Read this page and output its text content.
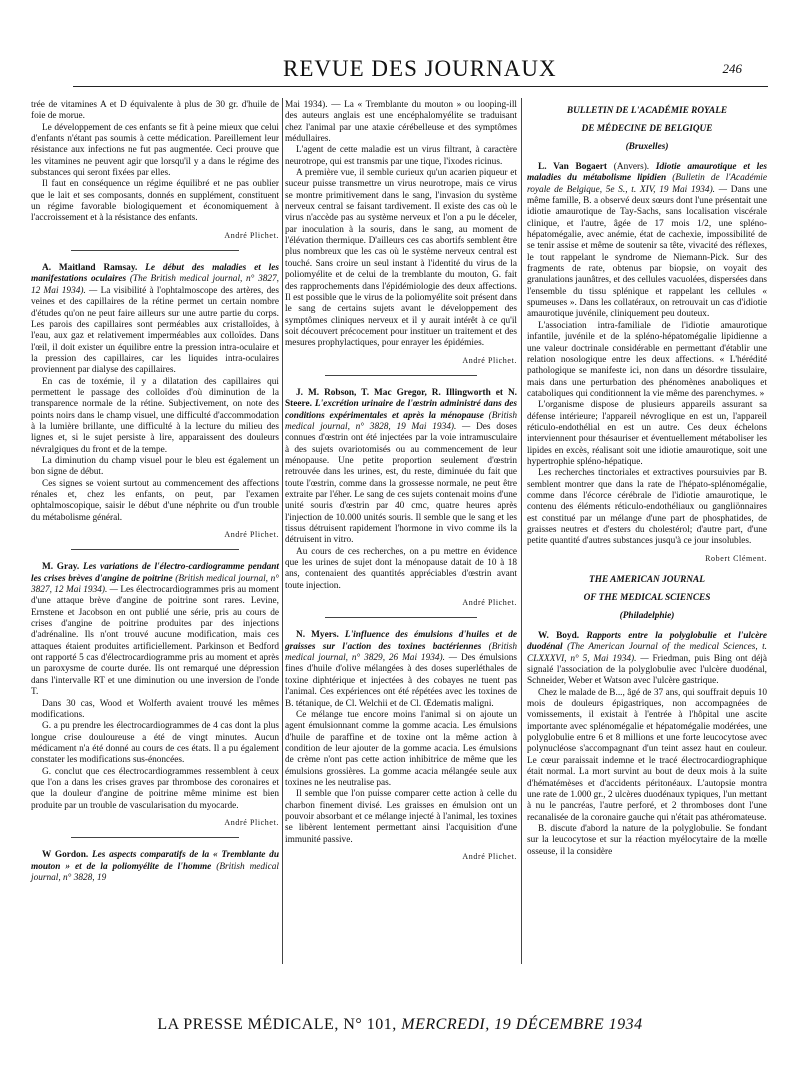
REVUE DES JOURNAUX	246

trée de vitamines A et D équivalente à plus de 30 gr. d'huile de foie de morue.

Le développement de ces enfants se fit à peine mieux que celui d'enfants n'étant pas soumis à cette médication. Pareillement leur résistance aux infections ne fut pas augmentée. Ceci prouve que les vitamines ne peuvent agir que lorsqu'il y a dans le régime des substances qui seront fixées par elles.

Il faut en conséquence un régime équilibré et ne pas oublier que le lait et ses composants, donnés en supplément, constituent un régime favorable biologiquement et économiquement à l'accroissement et à la résistance des enfants.

André Plichet.

A. Maitland Ramsay. Le début des maladies et les manifestations oculaires (The British medical journal, n° 3827, 12 Mai 1934). — La visibilité à l'ophtalmoscope des artères, des veines et des capillaires de la rétine permet un certain nombre d'études qu'on ne peut faire ailleurs sur une autre partie du corps. Les parois des capillaires sont perméables aux cristalloïdes, à l'eau, aux gaz et relativement imperméables aux colloïdes. Dans l'œil, il doit exister un équilibre entre la pression intra-oculaire et la pression des capillaires, car les liquides intra-oculaires proviennent par dialyse des capillaires.

En cas de toxémie, il y a dilatation des capillaires qui permettent le passage des colloïdes d'où diminution de la transparence normale de la rétine. Subjectivement, on note des points noirs dans le champ visuel, une difficulté d'accommodation à la lumière brillante, une difficulté à la lecture du milieu des lignes et, si le sujet persiste à lire, apparaissent des douleurs névralgiques du front et de la tempe.

La diminution du champ visuel pour le bleu est également un bon signe de début.

Ces signes se voient surtout au commencement des affections rénales et, chez les enfants, on peut, par l'examen ophtalmoscopique, saisir le début d'une néphrite ou d'un trouble du métabolisme général.

André Plichet.

M. Gray. Les variations de l'électro-cardiogramme pendant les crises brèves d'angine de poitrine (British medical journal, n° 3827, 12 Mai 1934). — Les électrocardiogrammes pris au moment d'une attaque brève d'angine de poitrine sont rares. Levine, Ernstene et Jacobson en ont publié une série, pris au cours de crises d'angine de poitrine produites par des injections d'adrénaline. Ils n'ont trouvé aucune modification, mais ces attaques étaient produites artificiellement. Parkinson et Bedford ont rapporté 5 cas d'électrocardiogramme pris au moment et après un paroxysme de courte durée. Ils ont remarqué une dépression dans l'intervalle RT et une diminution ou une inversion de l'onde T.

Dans 30 cas, Wood et Wolferth avaient trouvé les mêmes modifications.

G. a pu prendre les électrocardiogrammes de 4 cas dont la plus longue crise douloureuse a été de vingt minutes. Aucun médicament n'a été donné au cours de ces états. Il a pu également constater les modifications sus-énoncées.

G. conclut que ces électrocardiogrammes ressemblent à ceux que l'on a dans les crises graves par thrombose des coronaires et que la douleur d'angine de poitrine même minime est bien produite par un trouble de vascularisation du myocarde.

André Plichet.

W Gordon. Les aspects comparatifs de la « Tremblante du mouton » et de la poliomyélite de l'homme (British medical journal, n° 3828, 19

Mai 1934). — La « Tremblante du mouton » ou looping-ill des auteurs anglais est une encéphalomyélite se traduisant chez l'animal par une ataxie cérébelleuse et des symptômes médullaires.

L'agent de cette maladie est un virus filtrant, à caractère neurotrope, qui est transmis par une tique, l'ixodes ricinus.

A première vue, il semble curieux qu'un acarien piqueur et suceur puisse transmettre un virus neurotrope, mais ce virus se montre primitivement dans le sang, l'invasion du système nerveux central se faisant tardivement. Il existe des cas où le virus n'accède pas au système nerveux et l'on a pu le déceler, par inoculation à la souris, dans le sang, au moment de l'élévation thermique. D'ailleurs ces cas abortifs semblent être plus nombreux que les cas où le système nerveux central est touché. Sans croire un seul instant à l'identité du virus de la poliomyélite et de celui de la tremblante du mouton, G. fait des rapprochements dans l'épidémiologie des deux affections. Il est possible que le virus de la poliomyélite soit présent dans le sang de certains sujets avant le développement des symptômes cliniques nerveux et il y aurait intérêt à ce qu'il soit découvert précocement pour instituer un traitement et des mesures prophylactiques, pour enrayer les épidémies.

André Plichet.

J. M. Robson, T. Mac Gregor, R. Illingworth et N. Steere. L'excrétion urinaire de l'œstrin administré dans des conditions expérimentales et après la ménopause (British medical journal, n° 3828, 19 Mai 1934). — Des doses connues d'œstrin ont été injectées par la voie intramusculaire à des sujets ovariotomisés ou au commencement de leur ménopause. Une petite proportion seulement d'œstrin retrouvée dans les urines, est, du reste, diminuée du fait que toute l'œstrin, comme dans la grossesse normale, ne peut être extraite par l'éher. Le sang de ces sujets contenait moins d'une unité souris d'œstrin par 40 cmc, quatre heures après l'injection de 10.000 unités souris. Il semble que le sang et les tissus détruisent rapidement l'hormone in vivo comme ils la détruisent in vitro.

Au cours de ces recherches, on a pu mettre en évidence que les urines de sujet dont la ménopause datait de 10 à 18 ans, contenaient des quantités appréciables d'œstrin avant toute injection.

André Plichet.

N. Myers. L'influence des émulsions d'huiles et de graisses sur l'action des toxines bactériennes (British medical journal, n° 3829, 26 Mai 1934). — Des émulsions fines d'huile d'olive mélangées à des doses superléthales de toxine diphtérique et injectées à des cobayes ne tuent pas l'animal. Ces expériences ont été répétées avec les toxines de B. tétanique, de Cl. Welchii et de Cl. Œdematis maligni.

Ce mélange tue encore moins l'animal si on ajoute un agent émulsionnant comme la gomme acacia. Les émulsions d'huile de paraffine et de toxine ont la même action à condition de leur ajouter de la gomme acacia. Les émulsions de crème n'ont pas cette action inhibitrice de même que les émulsions grossières. La gomme acacia mélangée seule aux toxines ne les neutralise pas.

Il semble que l'on puisse comparer cette action à celle du charbon finement divisé. Les graisses en émulsion ont un pouvoir absorbant et ce mélange injecté à l'animal, les toxines se libèrent lentement permettant ainsi l'acquisition d'une immunité passive.

André Plichet.

BULLETIN DE L'ACADÉMIE ROYALE

DE MÉDECINE DE BELGIQUE

(Bruxelles)

L. Van Bogaert (Anvers). Idiotie amaurotique et les maladies du métabolisme lipidien (Bulletin de l'Académie royale de Belgique, 5e S., t. XIV, 19 Mai 1934). — Dans une même famille, B. a observé deux sœurs dont l'une présentait une idiotie amaurotique de Tay-Sachs, sans localisation viscérale clinique, et l'autre, âgée de 17 mois 1/2, une spléno-hépatomégalie, avec anémie, état de cachexie, impossibilité de se tenir assise et même de soutenir sa tête, vivacité des réflexes, le tout rappelant le syndrome de Niemann-Pick. Sur des fragments de rate, obtenus par biopsie, on voyait des granulations jaunâtres, et des cellules vacuolées, dispersées dans l'ensemble du tissu splénique et rappelant les cellules « spumeuses ». Dans les collatéraux, on retrouvait un cas d'idiotie amaurotique juvénile, cliniquement peu douteux.

L'association intra-familiale de l'idiotie amaurotique infantile, juvénile et de la spléno-hépatomégalie lipidienne a une valeur doctrinale considérable en permettant d'établir une relation nosologique entre les deux affections. « L'hérédité pathologique se manifeste ici, non dans un désordre tissulaire, mais dans une perturbation des phénomènes anaboliques et cataboliques qui conditionnent la vie même des parenchymes. »

L'organisme dispose de plusieurs appareils assurant sa défense intérieure; l'appareil névroglique en est un, l'appareil réticulo-endothélial en est un autre. Ces deux échelons interviennent pour thésauriser et éventuellement métaboliser les lipides en excès, réalisant soit une idiotie amaurotique, soit une hypertrophie spléno-hépatique.

Les recherches tinctoriales et extractives poursuivies par B. semblent montrer que dans la rate de l'hépato-splénomégalie, comme dans l'écorce cérébrale de l'idiotie amaurotique, le contenu des éléments réticulo-endothéliaux ou gangliönnaires est constitué par un mélange d'une part de phosphatides, de graisses neutres et d'esters du cholestérol; d'autre part, d'une petite quantité d'autres substances jusqu'à ce jour insolubles.

Robert Clément.

THE AMERICAN JOURNAL

OF THE MEDICAL SCIENCES

(Philadelphie)

W. Boyd. Rapports entre la polyglobulie et l'ulcère duodénal (The American Journal of the medical Sciences, t. CLXXXVI, n° 5, Mai 1934). — Friedman, puis Bing ont déjà signalé l'association de la polyglobulie avec l'ulcère duodénal, Schneider, Weber et Watson avec l'ulcère gastrique.

Chez le malade de B..., âgé de 37 ans, qui souffrait depuis 10 mois de douleurs épigastriques, non accompagnées de vomissements, il existait à l'entrée à l'hôpital une ascite importante avec splénomégalie et hépatomégalie modérées, une polyglobulie entre 6 et 8 millions et une forte leucocytose avec polynucléose s'accompagnant d'un teint assez haut en couleur. Le cœur paraissait indemne et le tracé électrocardiographique était normal. La mort survint au bout de deux mois à la suite d'hématémèses et d'accidents péritonéaux. L'autopsie montra une rate de 1.000 gr., 2 ulcères duodénaux typiques, l'un mettant à nu le pancréas, l'autre perforé, et 2 thromboses dont l'une recanalisée de la coronaire gauche qui n'était pas athéromateuse.

B. discute d'abord la nature de la polyglobulie. Se fondant sur la leucocytose et sur la réaction myélocytaire de la mœlle osseuse, il la considère

LA PRESSE MÉDICALE, N° 101, MERCREDI, 19 DÉCEMBRE 1934
